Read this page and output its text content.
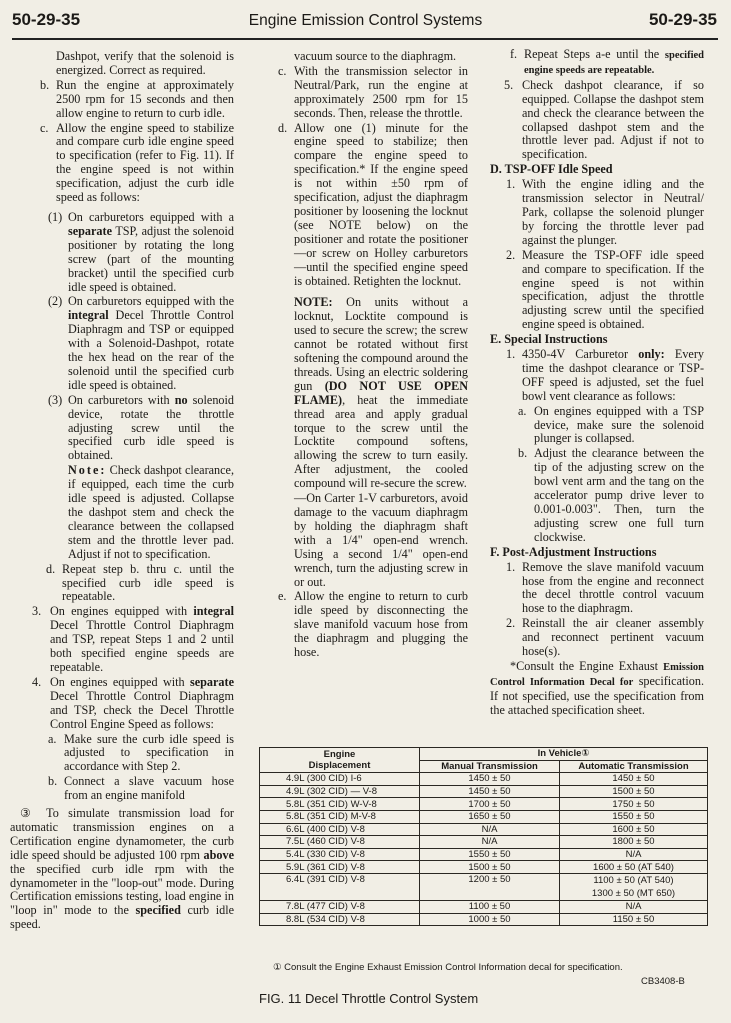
50-29-35	Engine Emission Control Systems	50-29-35

Dashpot, verify that the solenoid is energized. Correct as required.

b. Run the engine at approximately 2500 rpm for 15 seconds and then allow engine to return to curb idle.
c. Allow the engine speed to stabilize and compare curb idle engine speed to specification (refer to Fig. 11). If the engine speed is not within specification, adjust the curb idle speed as follows:
(1) On carburetors equipped with a separate TSP, adjust the solenoid positioner by rotating the long screw (part of the mounting bracket) until the specified curb idle speed is obtained.
(2) On carburetors equipped with the integral Decel Throttle Control Diaphragm and TSP or equipped with a Solenoid-Dashpot, rotate the hex head on the rear of the solenoid until the specified curb idle speed is obtained.
(3) On carburetors with no solenoid device, rotate the throttle adjusting screw until the specified curb idle speed is obtained.

Note: Check dashpot clearance, if equipped, each time the curb idle speed is adjusted. Collapse the dashpot stem and check the clearance between the collapsed stem and the throttle lever pad. Adjust if not to specification.

d. Repeat step b. thru c. until the specified curb idle speed is repeatable.
3. On engines equipped with integral Decel Throttle Control Diaphragm and TSP, repeat Steps 1 and 2 until both specified engine speeds are repeatable.
4. On engines equipped with separate Decel Throttle Control Diaphragm and TSP, check the Decel Throttle Control Engine Speed as follows:
a. Make sure the curb idle speed is adjusted to specification in accordance with Step 2.
b. Connect a slave vacuum hose from an engine manifold

③ To simulate transmission load for automatic transmission engines on a Certification engine dynamometer, the curb idle speed should be adjusted 100 rpm above the specified curb idle rpm with the dynamometer in the "loop-out" mode. During Certification emissions testing, load engine in "loop in" mode to the specified curb idle speed.

vacuum source to the diaphragm.

c. With the transmission selector in Neutral/Park, run the engine at approximately 2500 rpm for 15 seconds. Then, release the throttle.
d. Allow one (1) minute for the engine speed to stabilize; then compare the engine speed to specification.* If the engine speed is not within ±50 rpm of specification, adjust the diaphragm positioner by loosening the locknut (see NOTE below) on the positioner and rotate the positioner—or screw on Holley carburetors—until the specified engine speed is obtained. Retighten the locknut.

NOTE: On units without a locknut, Locktite compound is used to secure the screw; the screw cannot be rotated without first softening the compound around the threads. Using an electric soldering gun (DO NOT USE OPEN FLAME), heat the immediate thread area and apply gradual torque to the screw until the Locktite compound softens, allowing the screw to turn easily. After adjustment, the cooled compound will re-secure the screw.

—On Carter 1-V carburetors, avoid damage to the vacuum diaphragm by holding the diaphragm shaft with a 1/4" open-end wrench. Using a second 1/4" open-end wrench, turn the adjusting screw in or out.

e. Allow the engine to return to curb idle speed by disconnecting the slave manifold vacuum hose from the diaphragm and plugging the hose.
f. Repeat Steps a-e until the specified engine speeds are repeatable.
5. Check dashpot clearance, if so equipped. Collapse the dashpot stem and check the clearance between the collapsed dashpot stem and the throttle lever pad. Adjust if not to specification.

D. TSP-OFF Idle Speed

1. With the engine idling and the transmission selector in Neutral/ Park, collapse the solenoid plunger by forcing the throttle lever pad against the plunger.
2. Measure the TSP-OFF idle speed and compare to specification. If the engine speed is not within specification, adjust the throttle adjusting screw until the specified engine speed is obtained.

E. Special Instructions

1. 4350-4V Carburetor only: Every time the dashpot clearance or TSP-OFF speed is adjusted, set the fuel bowl vent clearance as follows:
a. On engines equipped with a TSP device, make sure the solenoid plunger is collapsed.
b. Adjust the clearance between the tip of the adjusting screw on the bowl vent arm and the tang on the accelerator pump drive lever to 0.001-0.003". Then, turn the adjusting screw one full turn clockwise.

F. Post-Adjustment Instructions

1. Remove the slave manifold vacuum hose from the engine and reconnect the decel throttle control vacuum hose to the diaphragm.
2. Reinstall the air cleaner assembly and reconnect pertinent vacuum hose(s).

*Consult the Engine Exhaust Emission Control Information Decal for specification. If not specified, use the specification from the attached specification sheet.

Engine
Displacement	In Vehicle①	
	Manual Transmission	Automatic Transmission
4.9L (300 CID) I-6	1450 ± 50	1450 ± 50
4.9L (302 CID) — V-8	1450 ± 50	1500 ± 50
5.8L (351 CID) W-V-8	1700 ± 50	1750 ± 50
5.8L (351 CID) M-V-8	1650 ± 50	1550 ± 50
6.6L (400 CID) V-8	N/A	1600 ± 50
7.5L (460 CID) V-8	N/A	1800 ± 50
5.4L (330 CID) V-8	1550 ± 50	N/A
5.9L (361 CID) V-8	1500 ± 50	1600 ± 50 (AT 540)
6.4L (391 CID) V-8	1200 ± 50	1100 ± 50 (AT 540)
1300 ± 50 (MT 650)

7.8L (477 CID) V-8	1100 ± 50	N/A
8.8L (534 CID) V-8	1000 ± 50	1150 ± 50
① Consult the Engine Exhaust Emission Control Information decal for specification.
CB3408-B
FIG. 11 Decel Throttle Control System
